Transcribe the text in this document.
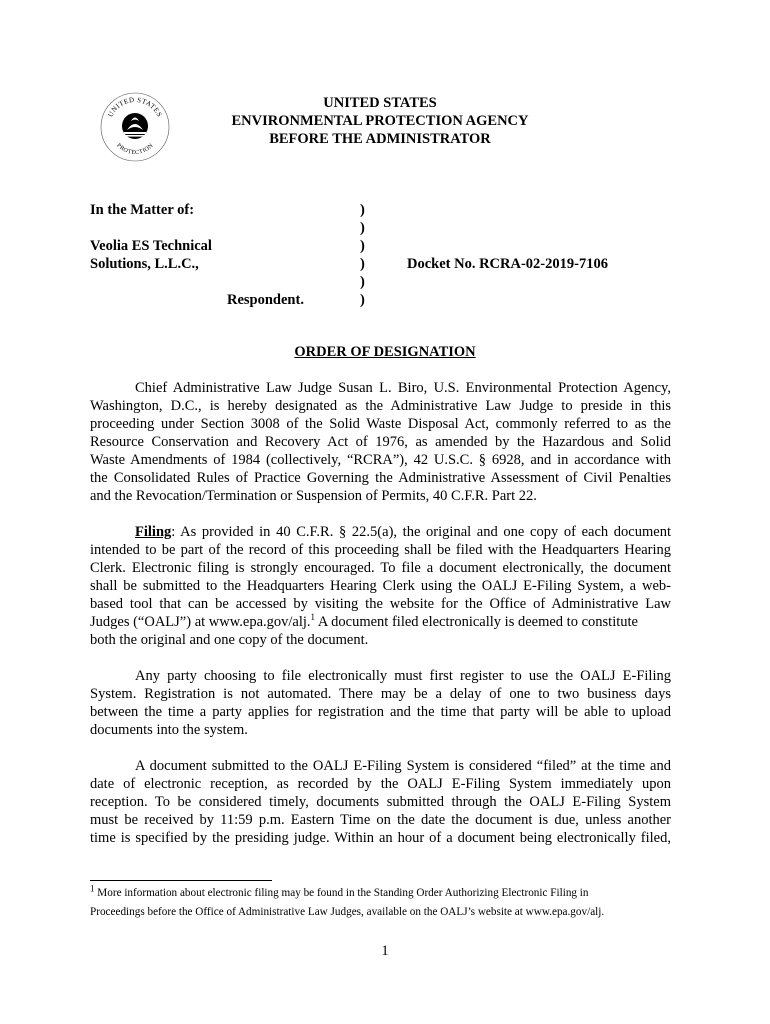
UNITED STATES
PROTECTION
UNITED STATES
ENVIRONMENTAL PROTECTION AGENCY
BEFORE THE ADMINISTRATOR
In the Matter of:
Veolia ES Technical
Solutions, L.L.C.,
Respondent.
)
)
)
)
)
)
Docket No. RCRA-02-2019-7106
ORDER OF DESIGNATION
Chief Administrative Law Judge Susan L. Biro, U.S. Environmental Protection Agency,
Washington, D.C., is hereby designated as the Administrative Law Judge to preside in this
proceeding under Section 3008 of the Solid Waste Disposal Act, commonly referred to as the
Resource Conservation and Recovery Act of 1976, as amended by the Hazardous and Solid
Waste Amendments of 1984 (collectively, “RCRA”), 42 U.S.C. § 6928, and in accordance with
the Consolidated Rules of Practice Governing the Administrative Assessment of Civil Penalties
and the Revocation/Termination or Suspension of Permits, 40 C.F.R. Part 22.
Filing: As provided in 40 C.F.R. § 22.5(a), the original and one copy of each document
intended to be part of the record of this proceeding shall be filed with the Headquarters Hearing
Clerk. Electronic filing is strongly encouraged. To file a document electronically, the document
shall be submitted to the Headquarters Hearing Clerk using the OALJ E-Filing System, a web-
based tool that can be accessed by visiting the website for the Office of Administrative Law
Judges (“OALJ”) at www.epa.gov/alj.$^1$ A document filed electronically is deemed to constitute
both the original and one copy of the document.
Any party choosing to file electronically must first register to use the OALJ E-Filing
System. Registration is not automated. There may be a delay of one to two business days
between the time a party applies for registration and the time that party will be able to upload
documents into the system.
A document submitted to the OALJ E-Filing System is considered “filed” at the time and
date of electronic reception, as recorded by the OALJ E-Filing System immediately upon
reception. To be considered timely, documents submitted through the OALJ E-Filing System
must be received by 11:59 p.m. Eastern Time on the date the document is due, unless another
time is specified by the presiding judge. Within an hour of a document being electronically filed,
$^1$ More information about electronic filing may be found in the Standing Order Authorizing Electronic Filing in
Proceedings before the Office of Administrative Law Judges, available on the OALJ’s website at www.epa.gov/alj.
1
